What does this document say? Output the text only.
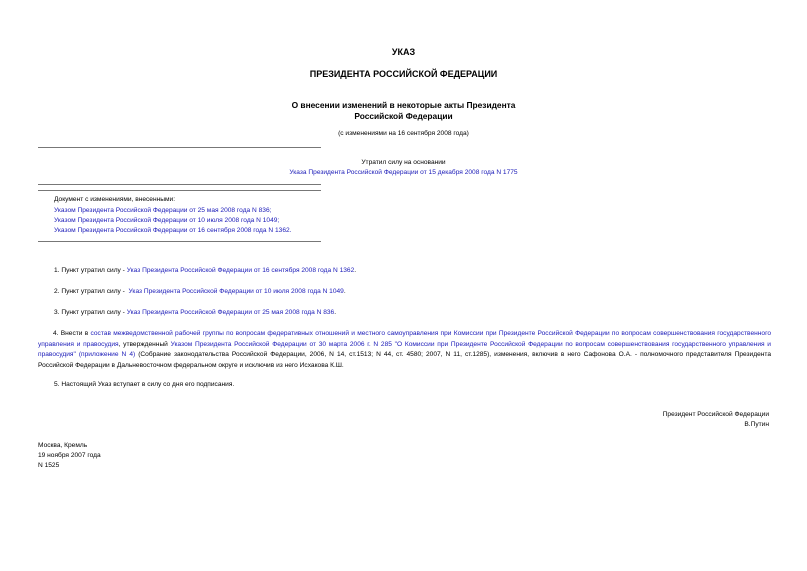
УКАЗ
ПРЕЗИДЕНТА РОССИЙСКОЙ ФЕДЕРАЦИИ
О внесении изменений в некоторые акты Президента
Российской Федерации
(с изменениями на 16 сентября 2008 года)
Утратил силу на основании
Указа Президента Российской Федерации от 15 декабря 2008 года N 1775
Документ с изменениями, внесенными:
Указом Президента Российской Федерации от 25 мая 2008 года N 836;
Указом Президента Российской Федерации от 10 июля 2008 года N 1049;
Указом Президента Российской Федерации от 16 сентября 2008 года N 1362.
1. Пункт утратил силу - Указ Президента Российской Федерации от 16 сентября 2008 года N 1362.
2. Пункт утратил силу -  Указ Президента Российской Федерации от 10 июля 2008 года N 1049.
3. Пункт утратил силу - Указ Президента Российской Федерации от 25 мая 2008 года N 836.
4. Внести в состав межведомственной рабочей группы по вопросам федеративных отношений и местного самоуправления при Комиссии при Президенте Российской Федерации по вопросам совершенствования государственного управления и правосудия, утвержденный Указом Президента Российской Федерации от 30 марта 2006 г. N 285 "О Комиссии при Президенте Российской Федерации по вопросам совершенствования государственного управления и правосудия" (приложение N 4) (Собрание законодательства Российской Федерации, 2006, N 14, ст.1513; N 44, ст. 4580; 2007, N 11, ст.1285), изменения, включив в него Сафонова О.А. - полномочного представителя Президента Российской Федерации в Дальневосточном федеральном округе и исключив из него Исхакова К.Ш.
5. Настоящий Указ вступает в силу со дня его подписания.
Президент Российской Федерации
В.Путин
Москва, Кремль
19 ноября 2007 года
N 1525
